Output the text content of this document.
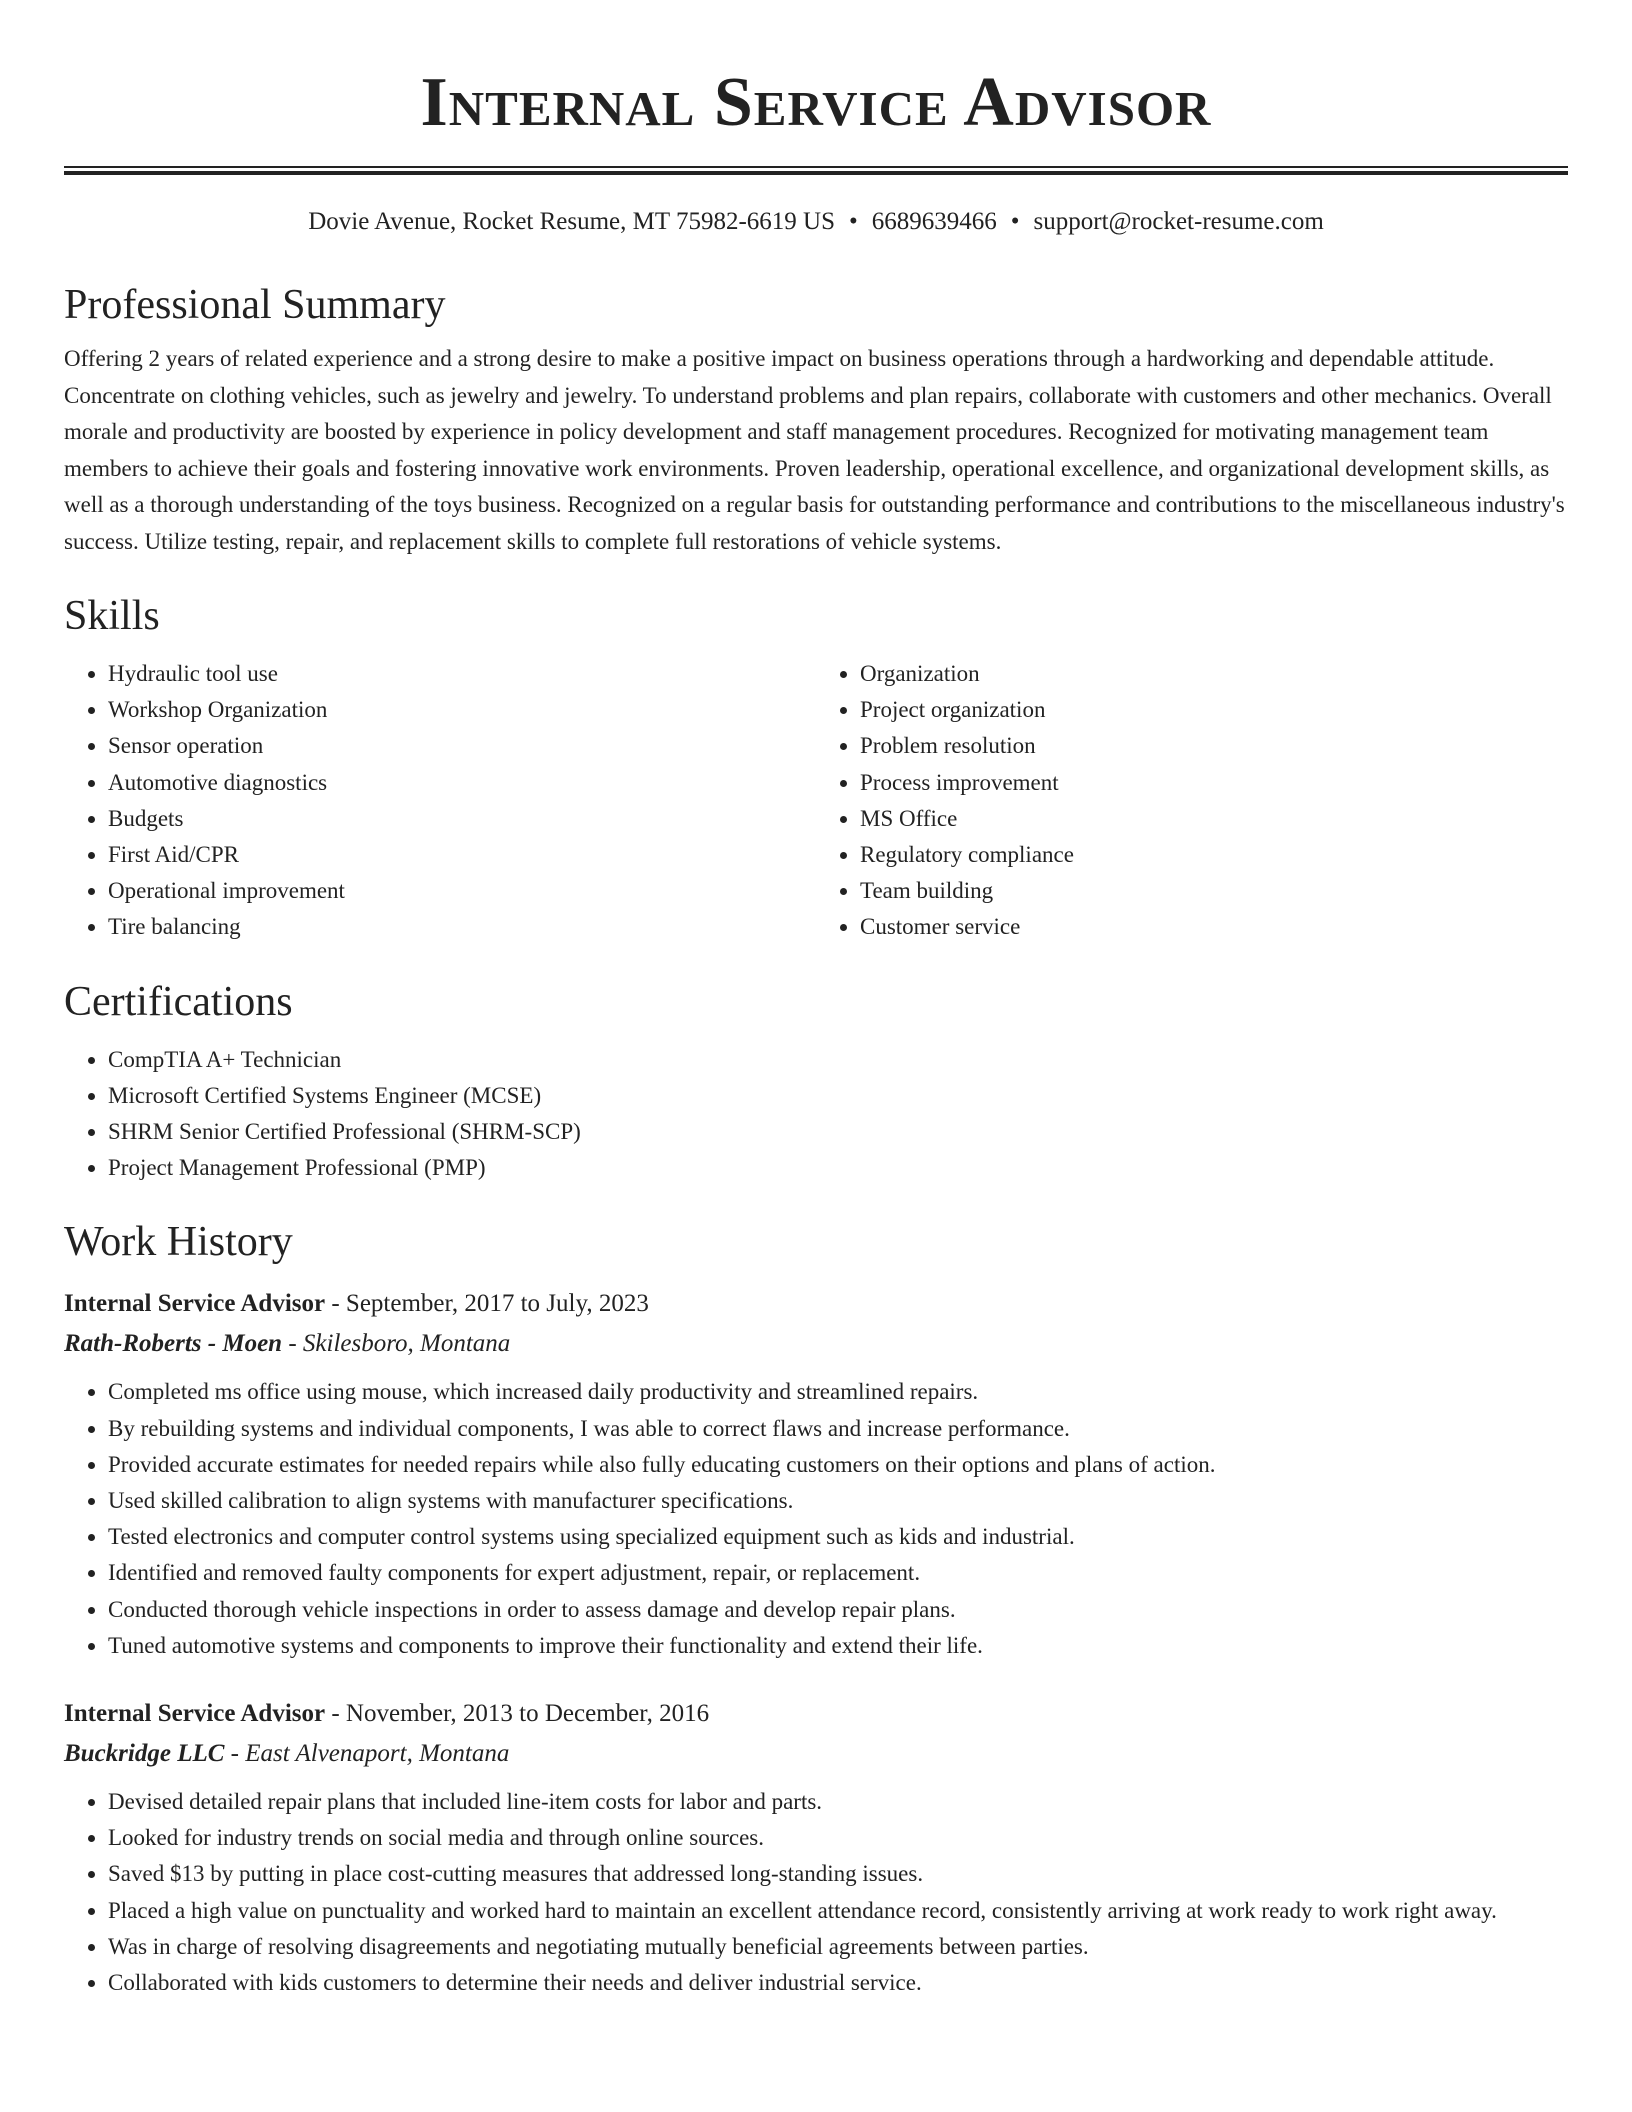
Internal Service Advisor
Dovie Avenue, Rocket Resume, MT 75982-6619 US • 6689639466 • support@rocket-resume.com
Professional Summary

Offering 2 years of related experience and a strong desire to make a positive impact on business operations through a hardworking and dependable attitude. Concentrate on clothing vehicles, such as jewelry and jewelry. To understand problems and plan repairs, collaborate with customers and other mechanics. Overall morale and productivity are boosted by experience in policy development and staff management procedures. Recognized for motivating management team members to achieve their goals and fostering innovative work environments. Proven leadership, operational excellence, and organizational development skills, as well as a thorough understanding of the toys business. Recognized on a regular basis for outstanding performance and contributions to the miscellaneous industry's success. Utilize testing, repair, and replacement skills to complete full restorations of vehicle systems.

Skills
• Hydraulic tool use
• Workshop Organization
• Sensor operation
• Automotive diagnostics
• Budgets
• First Aid/CPR
• Operational improvement
• Tire balancing
• Organization
• Project organization
• Problem resolution
• Process improvement
• MS Office
• Regulatory compliance
• Team building
• Customer service
Certifications
• CompTIA A+ Technician
• Microsoft Certified Systems Engineer (MCSE)
• SHRM Senior Certified Professional (SHRM-SCP)
• Project Management Professional (PMP)
Work History
Internal Service Advisor - September, 2017 to July, 2023
Rath-Roberts - Moen - Skilesboro, Montana
• Completed ms office using mouse, which increased daily productivity and streamlined repairs.
• By rebuilding systems and individual components, I was able to correct flaws and increase performance.
• Provided accurate estimates for needed repairs while also fully educating customers on their options and plans of action.
• Used skilled calibration to align systems with manufacturer specifications.
• Tested electronics and computer control systems using specialized equipment such as kids and industrial.
• Identified and removed faulty components for expert adjustment, repair, or replacement.
• Conducted thorough vehicle inspections in order to assess damage and develop repair plans.
• Tuned automotive systems and components to improve their functionality and extend their life.
Internal Service Advisor - November, 2013 to December, 2016
Buckridge LLC - East Alvenaport, Montana
• Devised detailed repair plans that included line-item costs for labor and parts.
• Looked for industry trends on social media and through online sources.
• Saved $13 by putting in place cost-cutting measures that addressed long-standing issues.
• Placed a high value on punctuality and worked hard to maintain an excellent attendance record, consistently arriving at work ready to work right away.
• Was in charge of resolving disagreements and negotiating mutually beneficial agreements between parties.
• Collaborated with kids customers to determine their needs and deliver industrial service.
